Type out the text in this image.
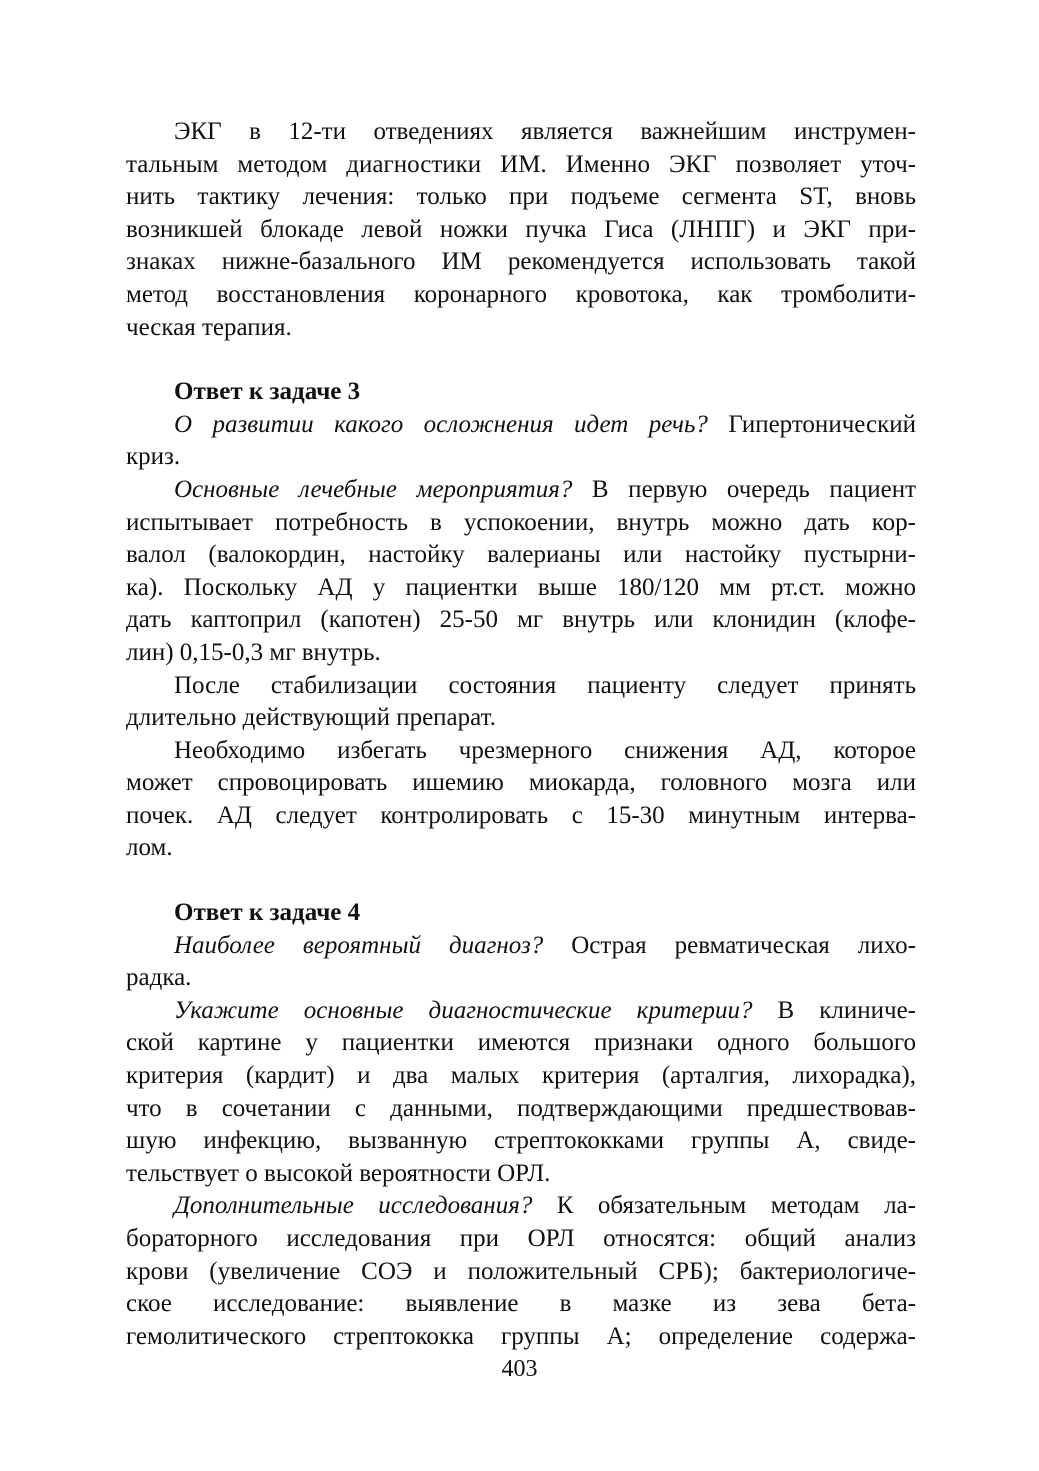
ЭКГ в 12-ти отведениях является важнейшим инструмен-
тальным методом диагностики ИМ. Именно ЭКГ позволяет уточ-
нить тактику лечения: только при подъеме сегмента ST, вновь
возникшей блокаде левой ножки пучка Гиса (ЛНПГ) и ЭКГ при-
знаках нижне-базального ИМ рекомендуется использовать такой
метод восстановления коронарного кровотока, как тромболити-
ческая терапия.
Ответ к задаче 3
О развитии какого осложнения идет речь? Гипертонический
криз.
Основные лечебные мероприятия? В первую очередь пациент
испытывает потребность в успокоении, внутрь можно дать кор-
валол (валокордин, настойку валерианы или настойку пустырни-
ка). Поскольку АД у пациентки выше 180/120 мм рт.ст. можно
дать каптоприл (капотен) 25-50 мг внутрь или клонидин (клофе-
лин) 0,15-0,3 мг внутрь.
После стабилизации состояния пациенту следует принять
длительно действующий препарат.
Необходимо избегать чрезмерного снижения АД, которое
может спровоцировать ишемию миокарда, головного мозга или
почек. АД следует контролировать с 15-30 минутным интерва-
лом.
Ответ к задаче 4
Наиболее вероятный диагноз? Острая ревматическая лихо-
радка.
Укажите основные диагностические критерии? В клиниче-
ской картине у пациентки имеются признаки одного большого
критерия (кардит) и два малых критерия (арталгия, лихорадка),
что в сочетании с данными, подтверждающими предшествовав-
шую инфекцию, вызванную стрептококками группы А, свиде-
тельствует о высокой вероятности ОРЛ.
Дополнительные исследования? К обязательным методам ла-
бораторного исследования при ОРЛ относятся: общий анализ
крови (увеличение СОЭ и положительный СРБ); бактериологиче-
ское исследование: выявление в мазке из зева бета-
гемолитического стрептококка группы А; определение содержа-
403
